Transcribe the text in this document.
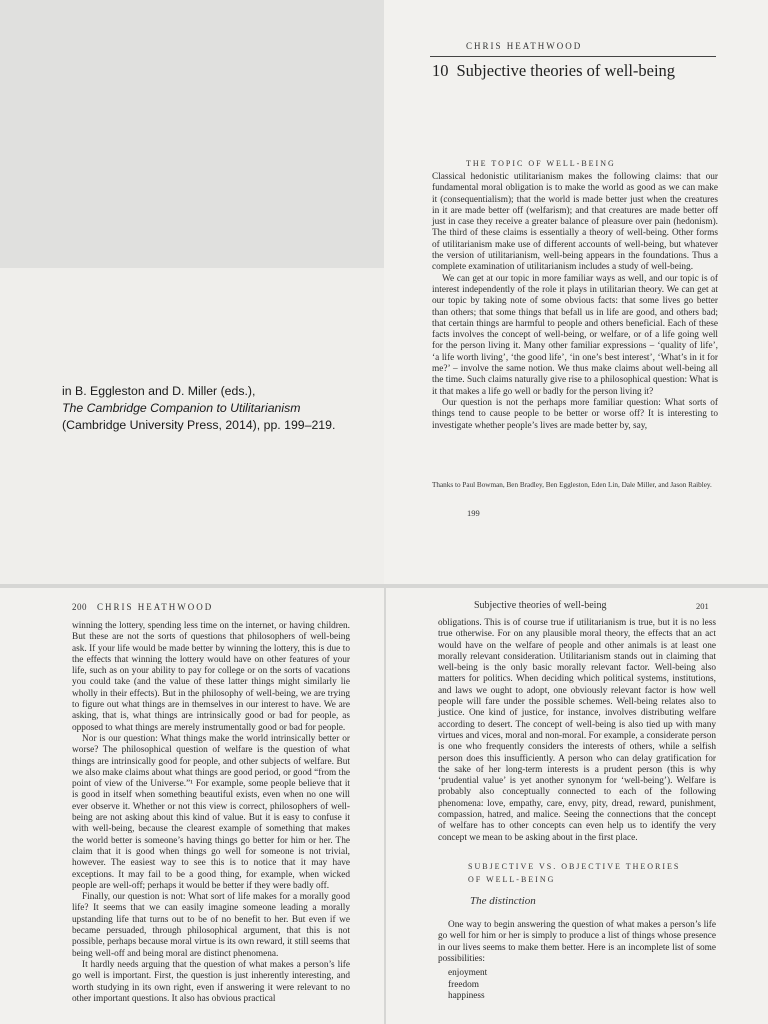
in B. Eggleston and D. Miller (eds.),
The Cambridge Companion to Utilitarianism
(Cambridge University Press, 2014), pp. 199–219.
CHRIS HEATHWOOD
10 Subjective theories of well-being
THE TOPIC OF WELL-BEING

Classical hedonistic utilitarianism makes the following claims: that our fundamental moral obligation is to make the world as good as we can make it (consequentialism); that the world is made better just when the creatures in it are made better off (welfarism); and that creatures are made better off just in case they receive a greater balance of pleasure over pain (hedonism). The third of these claims is essentially a theory of well-being. Other forms of utilitarianism make use of different accounts of well-being, but whatever the version of utilitarianism, well-being appears in the foundations. Thus a complete examination of utilitarianism includes a study of well-being.

We can get at our topic in more familiar ways as well, and our topic is of interest independently of the role it plays in utilitarian theory. We can get at our topic by taking note of some obvious facts: that some lives go better than others; that some things that befall us in life are good, and others bad; that certain things are harmful to people and others beneficial. Each of these facts involves the concept of well-being, or welfare, or of a life going well for the person living it. Many other familiar expressions – ‘quality of life’, ‘a life worth living’, ‘the good life’, ‘in one’s best interest’, ‘What’s in it for me?’ – involve the same notion. We thus make claims about well-being all the time. Such claims naturally give rise to a philosophical question: What is it that makes a life go well or badly for the person living it?

Our question is not the perhaps more familiar question: What sorts of things tend to cause people to be better or worse off? It is interesting to investigate whether people’s lives are made better by, say,

Thanks to Paul Bowman, Ben Bradley, Ben Eggleston, Eden Lin, Dale Miller, and Jason Raibley.
199
200 CHRIS HEATHWOOD

winning the lottery, spending less time on the internet, or having children. But these are not the sorts of questions that philosophers of well-being ask. If your life would be made better by winning the lottery, this is due to the effects that winning the lottery would have on other features of your life, such as on your ability to pay for college or on the sorts of vacations you could take (and the value of these latter things might similarly lie wholly in their effects). But in the philosophy of well-being, we are trying to figure out what things are in themselves in our interest to have. We are asking, that is, what things are intrinsically good or bad for people, as opposed to what things are merely instrumentally good or bad for people.

Nor is our question: What things make the world intrinsically better or worse? The philosophical question of welfare is the question of what things are intrinsically good for people, and other subjects of welfare. But we also make claims about what things are good period, or good “from the point of view of the Universe.”¹ For example, some people believe that it is good in itself when something beautiful exists, even when no one will ever observe it. Whether or not this view is correct, philosophers of well-being are not asking about this kind of value. But it is easy to confuse it with well-being, because the clearest example of something that makes the world better is someone’s having things go better for him or her. The claim that it is good when things go well for someone is not trivial, however. The easiest way to see this is to notice that it may have exceptions. It may fail to be a good thing, for example, when wicked people are well-off; perhaps it would be better if they were badly off.

Finally, our question is not: What sort of life makes for a morally good life? It seems that we can easily imagine someone leading a morally upstanding life that turns out to be of no benefit to her. But even if we became persuaded, through philosophical argument, that this is not possible, perhaps because moral virtue is its own reward, it still seems that being well-off and being moral are distinct phenomena.

It hardly needs arguing that the question of what makes a person’s life go well is important. First, the question is just inherently interesting, and worth studying in its own right, even if answering it were relevant to no other important questions. It also has obvious practical

Subjective theories of well-being	201

obligations. This is of course true if utilitarianism is true, but it is no less true otherwise. For on any plausible moral theory, the effects that an act would have on the welfare of people and other animals is at least one morally relevant consideration. Utilitarianism stands out in claiming that well-being is the only basic morally relevant factor. Well-being also matters for politics. When deciding which political systems, institutions, and laws we ought to adopt, one obviously relevant factor is how well people will fare under the possible schemes. Well-being relates also to justice. One kind of justice, for instance, involves distributing welfare according to desert. The concept of well-being is also tied up with many virtues and vices, moral and non-moral. For example, a considerate person is one who frequently considers the interests of others, while a selfish person does this insufficiently. A person who can delay gratification for the sake of her long-term interests is a prudent person (this is why ‘prudential value’ is yet another synonym for ‘well-being’). Welfare is probably also conceptually connected to each of the following phenomena: love, empathy, care, envy, pity, dread, reward, punishment, compassion, hatred, and malice. Seeing the connections that the concept of welfare has to other concepts can even help us to identify the very concept we mean to be asking about in the first place.

SUBJECTIVE VS. OBJECTIVE THEORIES
OF WELL-BEING
The distinction

One way to begin answering the question of what makes a person’s life go well for him or her is simply to produce a list of things whose presence in our lives seems to make them better. Here is an incomplete list of some possibilities:

enjoyment
freedom
happiness
